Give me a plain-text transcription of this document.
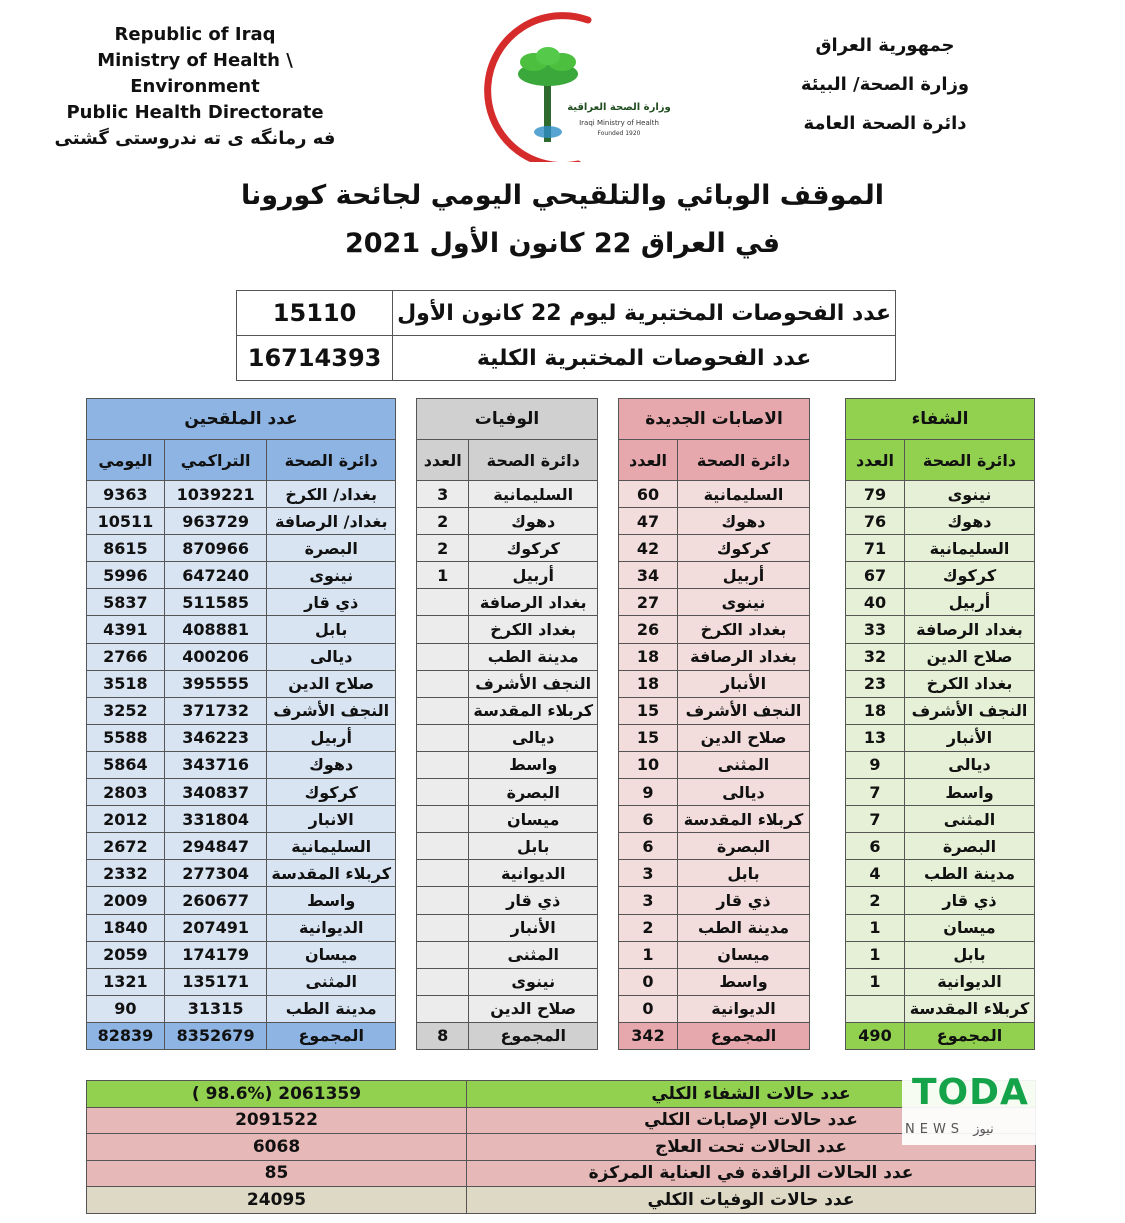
Republic of Iraq
Ministry of Health \ Environment
Public Health Directorate
فه رمانگه ی ته ندروستی گشتی
وزارة الصحة العراقية
Iraqi Ministry of Health
Founded 1920
جمهورية العراق
وزارة الصحة/ البيئة
دائرة الصحة العامة
الموقف الوبائي والتلقيحي اليومي لجائحة كورونا
في العراق 22 كانون الأول 2021
15110	عدد الفحوصات المختبرية ليوم 22 كانون الأول
16714393	عدد الفحوصات المختبرية الكلية
عدد الملقحين		
اليومي	التراكمي	دائرة الصحة
9363	1039221	بغداد/ الكرخ
10511	963729	بغداد/ الرصافة
8615	870966	البصرة
5996	647240	نينوى
5837	511585	ذي قار
4391	408881	بابل
2766	400206	ديالى
3518	395555	صلاح الدين
3252	371732	النجف الأشرف
5588	346223	أربيل
5864	343716	دهوك
2803	340837	كركوك
2012	331804	الانبار
2672	294847	السليمانية
2332	277304	كربلاء المقدسة
2009	260677	واسط
1840	207491	الديوانية
2059	174179	ميسان
1321	135171	المثنى
90	31315	مدينة الطب
82839	8352679	المجموع
الوفيات	
العدد	دائرة الصحة
3	السليمانية
2	دهوك
2	كركوك
1	أربيل
	بغداد الرصافة
	بغداد الكرخ
	مدينة الطب
	النجف الأشرف
	كربلاء المقدسة
	ديالى
	واسط
	البصرة
	ميسان
	بابل
	الديوانية
	ذي قار
	الأنبار
	المثنى
	نينوى
	صلاح الدين
8	المجموع
الاصابات الجديدة	
العدد	دائرة الصحة
60	السليمانية
47	دهوك
42	كركوك
34	أربيل
27	نينوى
26	بغداد الكرخ
18	بغداد الرصافة
18	الأنبار
15	النجف الأشرف
15	صلاح الدين
10	المثنى
9	ديالى
6	كربلاء المقدسة
6	البصرة
3	بابل
3	ذي قار
2	مدينة الطب
1	ميسان
0	واسط
0	الديوانية
342	المجموع
الشفاء	
العدد	دائرة الصحة
79	نينوى
76	دهوك
71	السليمانية
67	كركوك
40	أربيل
33	بغداد الرصافة
32	صلاح الدين
23	بغداد الكرخ
18	النجف الأشرف
13	الأنبار
9	ديالى
7	واسط
7	المثنى
6	البصرة
4	مدينة الطب
2	ذي قار
1	ميسان
1	بابل
1	الديوانية
	كربلاء المقدسة
490	المجموع
( 98.6%) 2061359	عدد حالات الشفاء الكلي
2091522	عدد حالات الإصابات الكلي
6068	عدد الحالات تحت العلاج
85	عدد الحالات الراقدة في العناية المركزة
24095	عدد حالات الوفيات الكلي
TODA
NEWS نيوز
